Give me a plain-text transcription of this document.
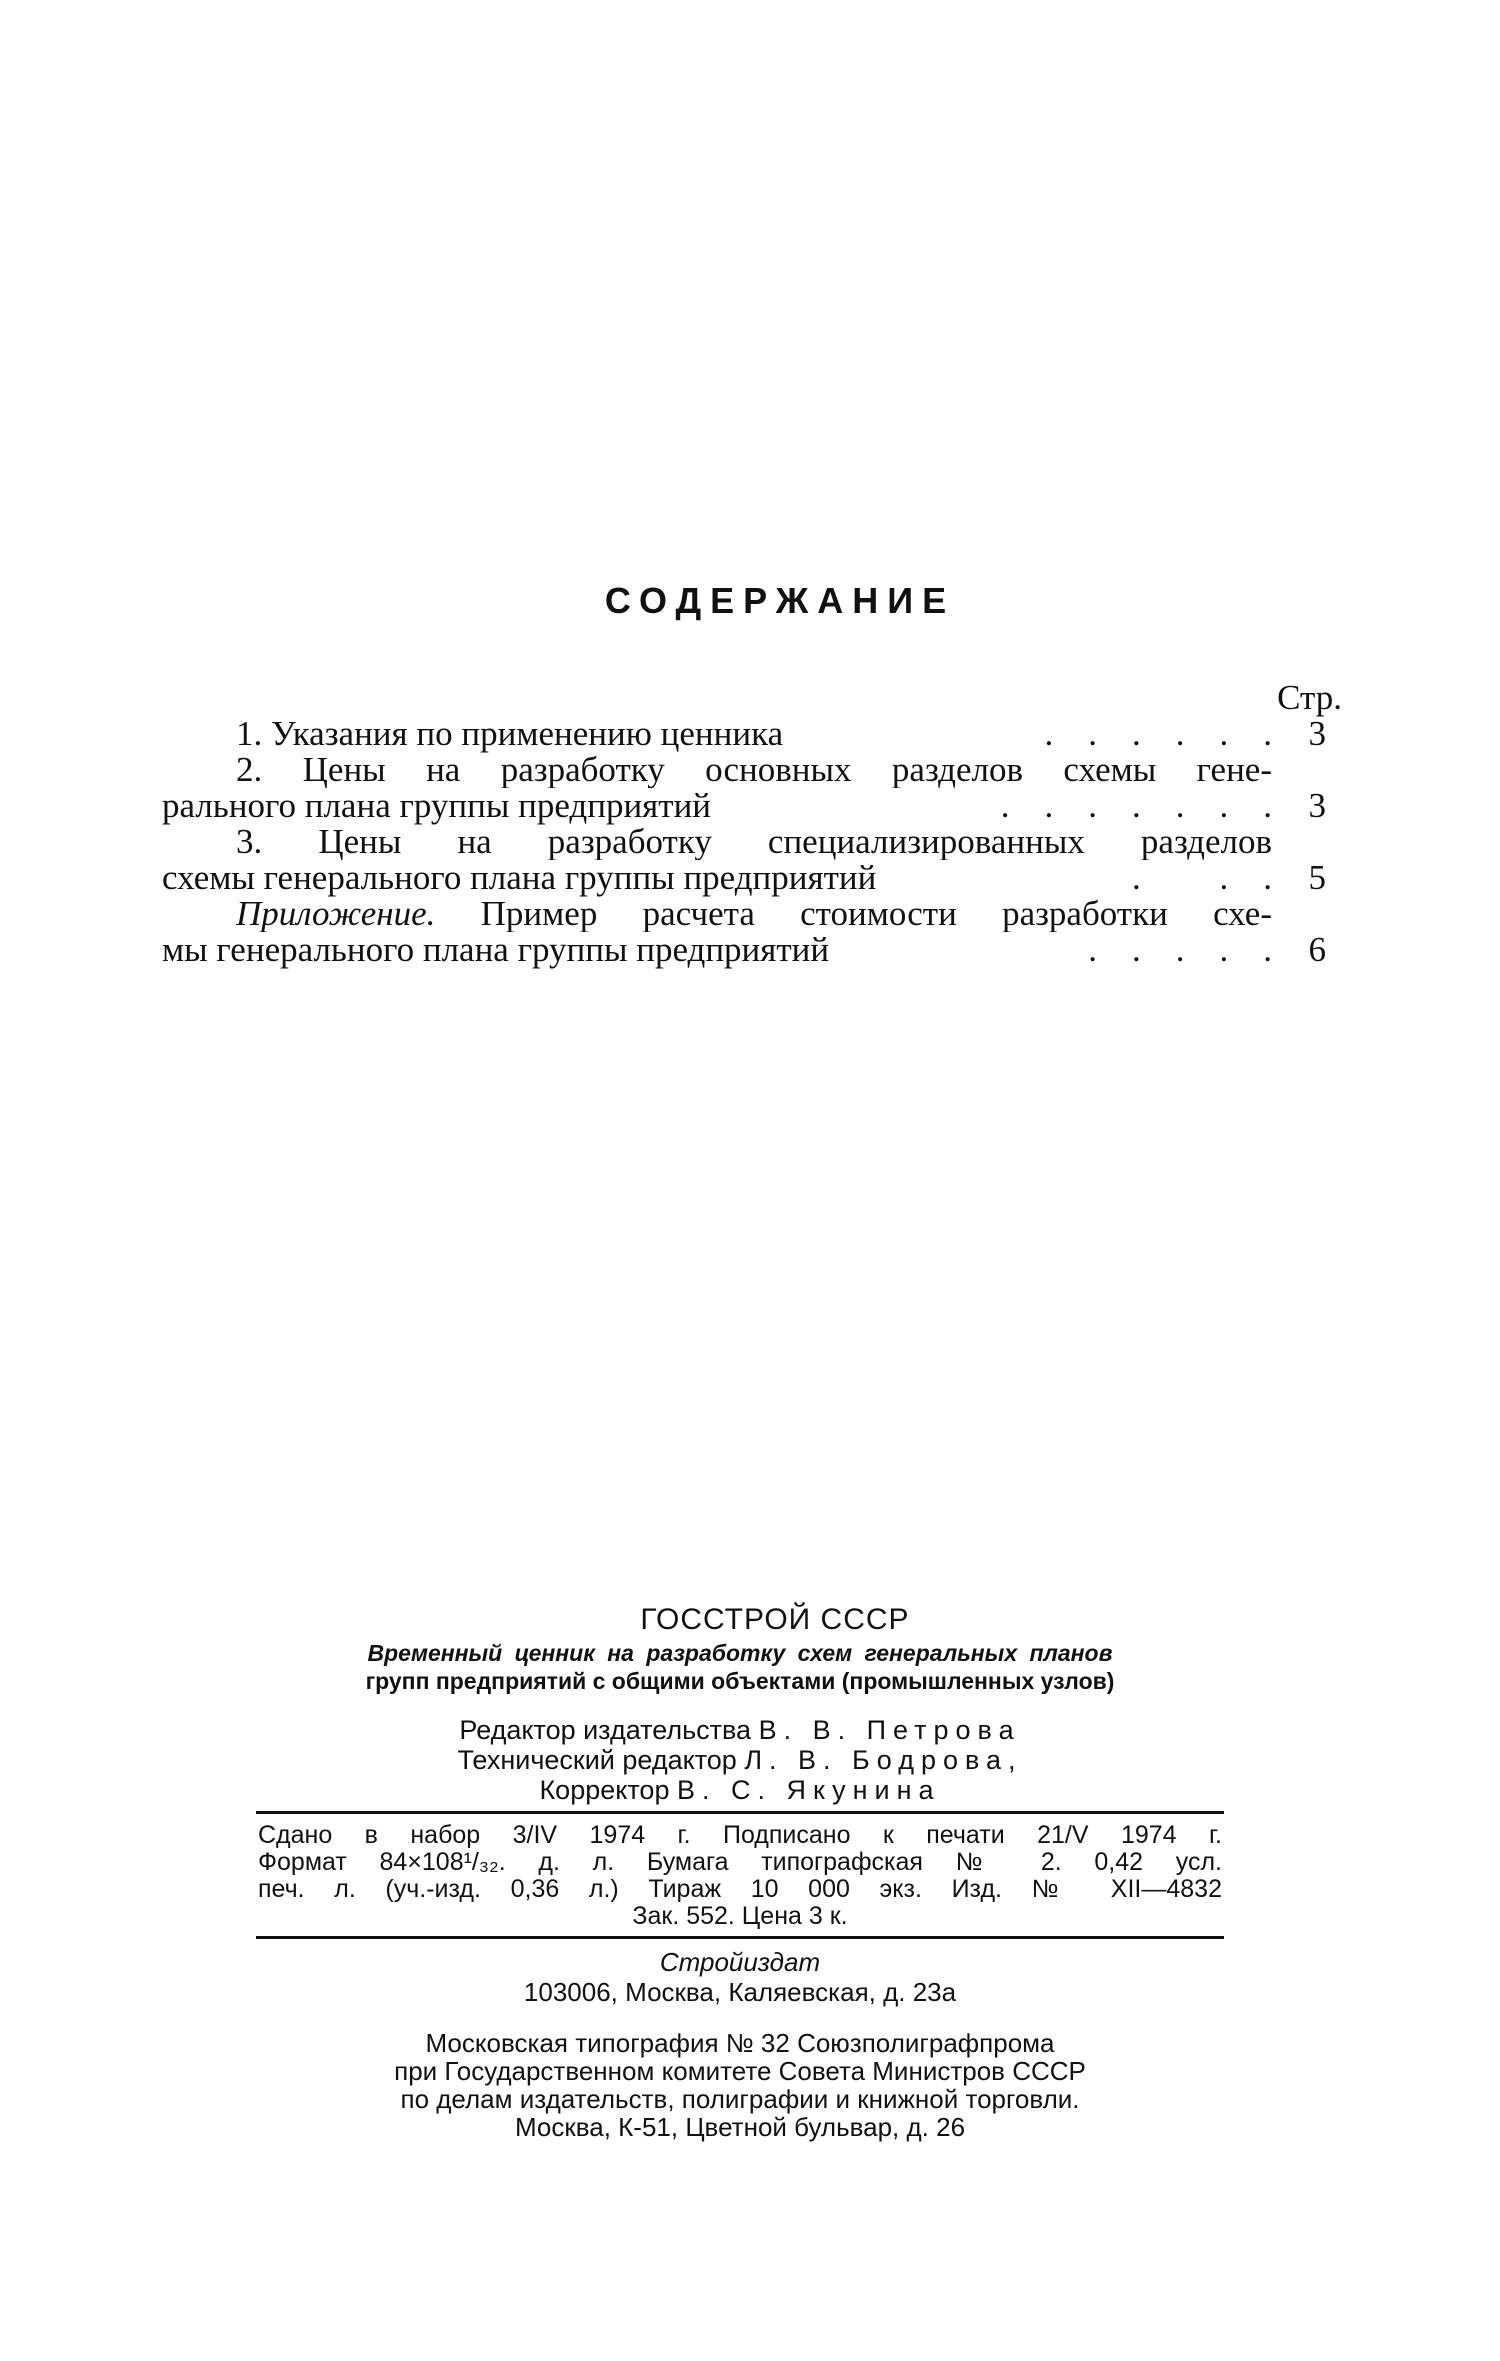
СОДЕРЖАНИЕ
Стр.
1. Указания по применению ценника	.    .    .    .    .    .	3
2. Цены на разработку основных разделов схемы гене-
рального плана группы предприятий	.    .    .    .    .    .    .	3
3. Цены на разработку специализированных разделов
схемы генерального плана группы предприятий	.         .    .	5
Приложение. Пример расчета стоимости разработки схе-
мы генерального плана группы предприятий	.    .    .    .    .	6
ГОССТРОЙ СССР
Временный ценник на разработку схем генеральных планов
групп предприятий с общими объектами (промышленных узлов)
Редактор издательства В. В. Петрова
Технический редактор Л. В. Бодрова,
Корректор В. С. Якунина
Сдано в набор 3/IV 1974 г. Подписано к печати 21/V 1974 г.
Формат 84×108¹/₃₂. д. л. Бумага типографская № 2. 0,42 усл.
печ. л. (уч.-изд. 0,36 л.) Тираж 10 000 экз. Изд. № XII—4832
Зак. 552. Цена 3 к.
Стройиздат
103006, Москва, Каляевская, д. 23а
Московская типография № 32 Союзполиграфпрома
при Государственном комитете Совета Министров СССР
по делам издательств, полиграфии и книжной торговли.
Москва, К-51, Цветной бульвар, д. 26
